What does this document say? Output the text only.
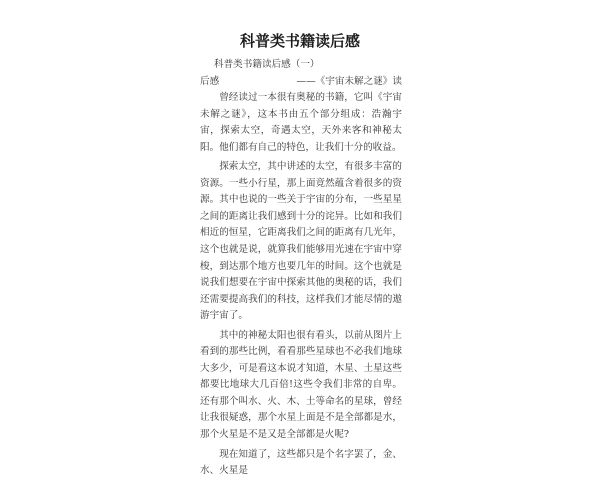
科普类书籍读后感
科普类书籍读后感（一）
——《宇宙未解之谜》读
后感

曾经读过一本很有奥秘的书籍，它叫《宇宙未解之谜》，这本书由五个部分组成：浩瀚宇宙，探索太空，奇遇太空，天外来客和神秘太阳。他们都有自己的特色，让我们十分的收益。

探索太空，其中讲述的太空，有很多丰富的资源。一些小行星，那上面竟然蕴含着很多的资源。其中也说的一些关于宇宙的分布，一些星星之间的距离让我们感到十分的诧异。比如和我们相近的恒星，它距离我们之间的距离有几光年，这个也就是说，就算我们能够用光速在宇宙中穿梭，到达那个地方也要几年的时间。这个也就是说我们想要在宇宙中探索其他的奥秘的话，我们还需要提高我们的科技，这样我们才能尽情的遨游宇宙了。

其中的神秘太阳也很有看头，以前从图片上看到的那些比例，看看那些星球也不必我们地球大多少，可是看这本说才知道，木星、土星这些都要比地球大几百倍!这些令我们非常的自卑。还有那个叫水、火、木、土等命名的星球，曾经让我很疑惑，那个水星上面是不是全部都是水，那个火星是不是又是全部都是火呢?

现在知道了，这些都只是个名字罢了，金、水、火星是
